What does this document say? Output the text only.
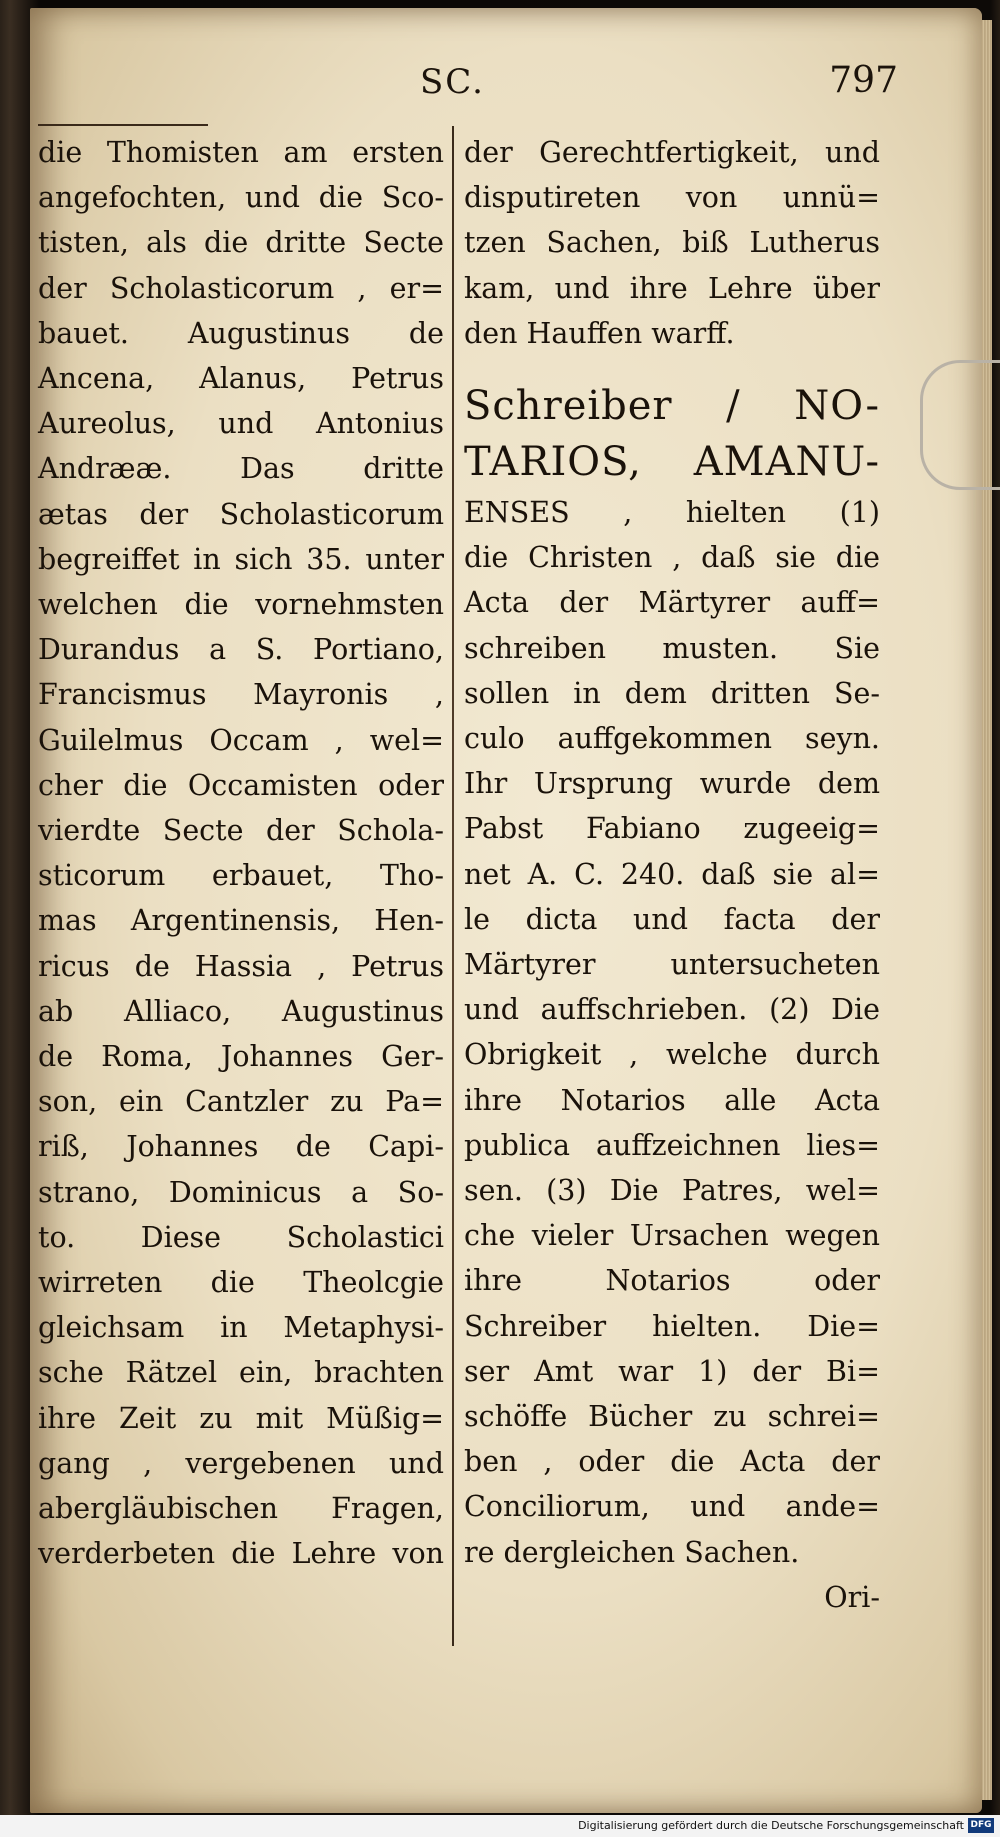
SC.	797
die Thomisten am ersten
angefochten, und die Sco-
tisten, als die dritte Secte
der Scholasticorum , er=
bauet. Augustinus de
Ancena, Alanus, Petrus
Aureolus, und Antonius
Andrææ. Das dritte
ætas der Scholasticorum
begreiffet in sich 35. unter
welchen die vornehmsten
Durandus a S. Portiano,
Francismus Mayronis ,
Guilelmus Occam , wel=
cher die Occamisten oder
vierdte Secte der Schola-
sticorum erbauet, Tho-
mas Argentinensis, Hen-
ricus de Hassia , Petrus
ab Alliaco, Augustinus
de Roma, Johannes Ger-
son, ein Cantzler zu Pa=
riß, Johannes de Capi-
strano, Dominicus a So-
to. Diese Scholastici
wirreten die Theolcgie
gleichsam in Metaphysi-
sche Rätzel ein, brachten
ihre Zeit zu mit Müßig=
gang , vergebenen und
abergläubischen Fragen,
verderbeten die Lehre von
der Gerechtfertigkeit, und
disputireten von unnü=
tzen Sachen, biß Lutherus
kam, und ihre Lehre über
den Hauffen warff.
Schreiber / NO-
TARIOS, AMANU-
ENSES , hielten (1)
die Christen , daß sie die
Acta der Märtyrer auff=
schreiben musten. Sie
sollen in dem dritten Se-
culo auffgekommen seyn.
Ihr Ursprung wurde dem
Pabst Fabiano zugeeig=
net A. C. 240. daß sie al=
le dicta und facta der
Märtyrer untersucheten
und auffschrieben. (2) Die
Obrigkeit , welche durch
ihre Notarios alle Acta
publica auffzeichnen lies=
sen. (3) Die Patres, wel=
che vieler Ursachen wegen
ihre Notarios oder
Schreiber hielten. Die=
ser Amt war 1) der Bi=
schöffe Bücher zu schrei=
ben , oder die Acta der
Conciliorum, und ande=
re dergleichen Sachen.
Ori-
Digitalisierung gefördert durch die Deutsche Forschungsgemeinschaft DFG
